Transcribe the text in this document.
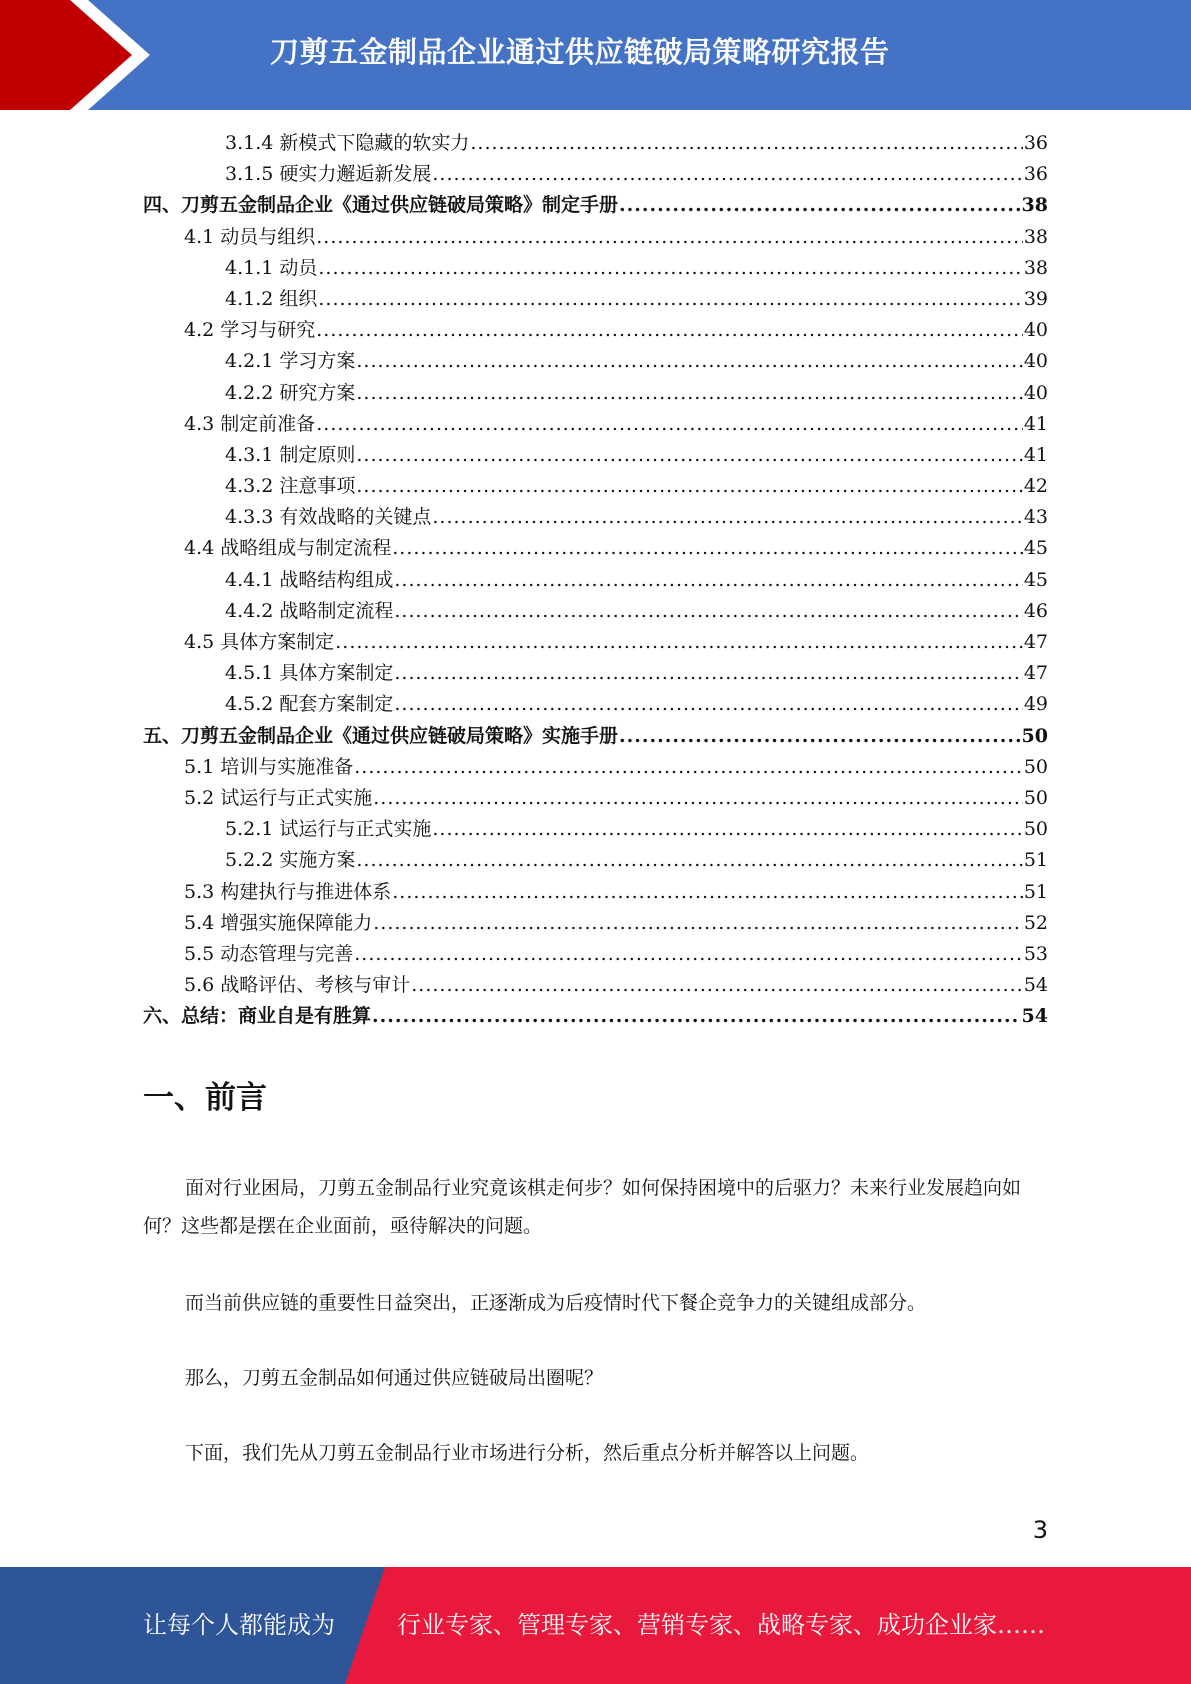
刀剪五金制品企业通过供应链破局策略研究报告
3.1.4 新模式下隐藏的软实力 .....	36
3.1.5 硬实力邂逅新发展 .....	36
四、刀剪五金制品企业《通过供应链破局策略》制定手册 .....	38
4.1 动员与组织 .....	38
4.1.1 动员 .....	38
4.1.2 组织 .....	39
4.2 学习与研究 .....	40
4.2.1 学习方案 .....	40
4.2.2 研究方案 .....	40
4.3 制定前准备 .....	41
4.3.1 制定原则 .....	41
4.3.2 注意事项 .....	42
4.3.3 有效战略的关键点 .....	43
4.4 战略组成与制定流程 .....	45
4.4.1 战略结构组成 .....	45
4.4.2 战略制定流程 .....	46
4.5 具体方案制定 .....	47
4.5.1 具体方案制定 .....	47
4.5.2 配套方案制定 .....	49
五、刀剪五金制品企业《通过供应链破局策略》实施手册 .....	50
5.1 培训与实施准备 .....	50
5.2 试运行与正式实施 .....	50
5.2.1 试运行与正式实施 .....	50
5.2.2 实施方案 .....	51
5.3 构建执行与推进体系 .....	51
5.4 增强实施保障能力 .....	52
5.5 动态管理与完善 .....	53
5.6 战略评估、考核与审计 .....	54
六、总结：商业自是有胜算 .....	54
一、前言

面对行业困局，刀剪五金制品行业究竟该棋走何步？如何保持困境中的后驱力？未来行业发展趋向如何？这些都是摆在企业面前，亟待解决的问题。

而当前供应链的重要性日益突出，正逐渐成为后疫情时代下餐企竞争力的关键组成部分。

那么，刀剪五金制品如何通过供应链破局出圈呢？

下面，我们先从刀剪五金制品行业市场进行分析，然后重点分析并解答以上问题。

3
让每个人都能成为	行业专家、管理专家、营销专家、战略专家、成功企业家……
